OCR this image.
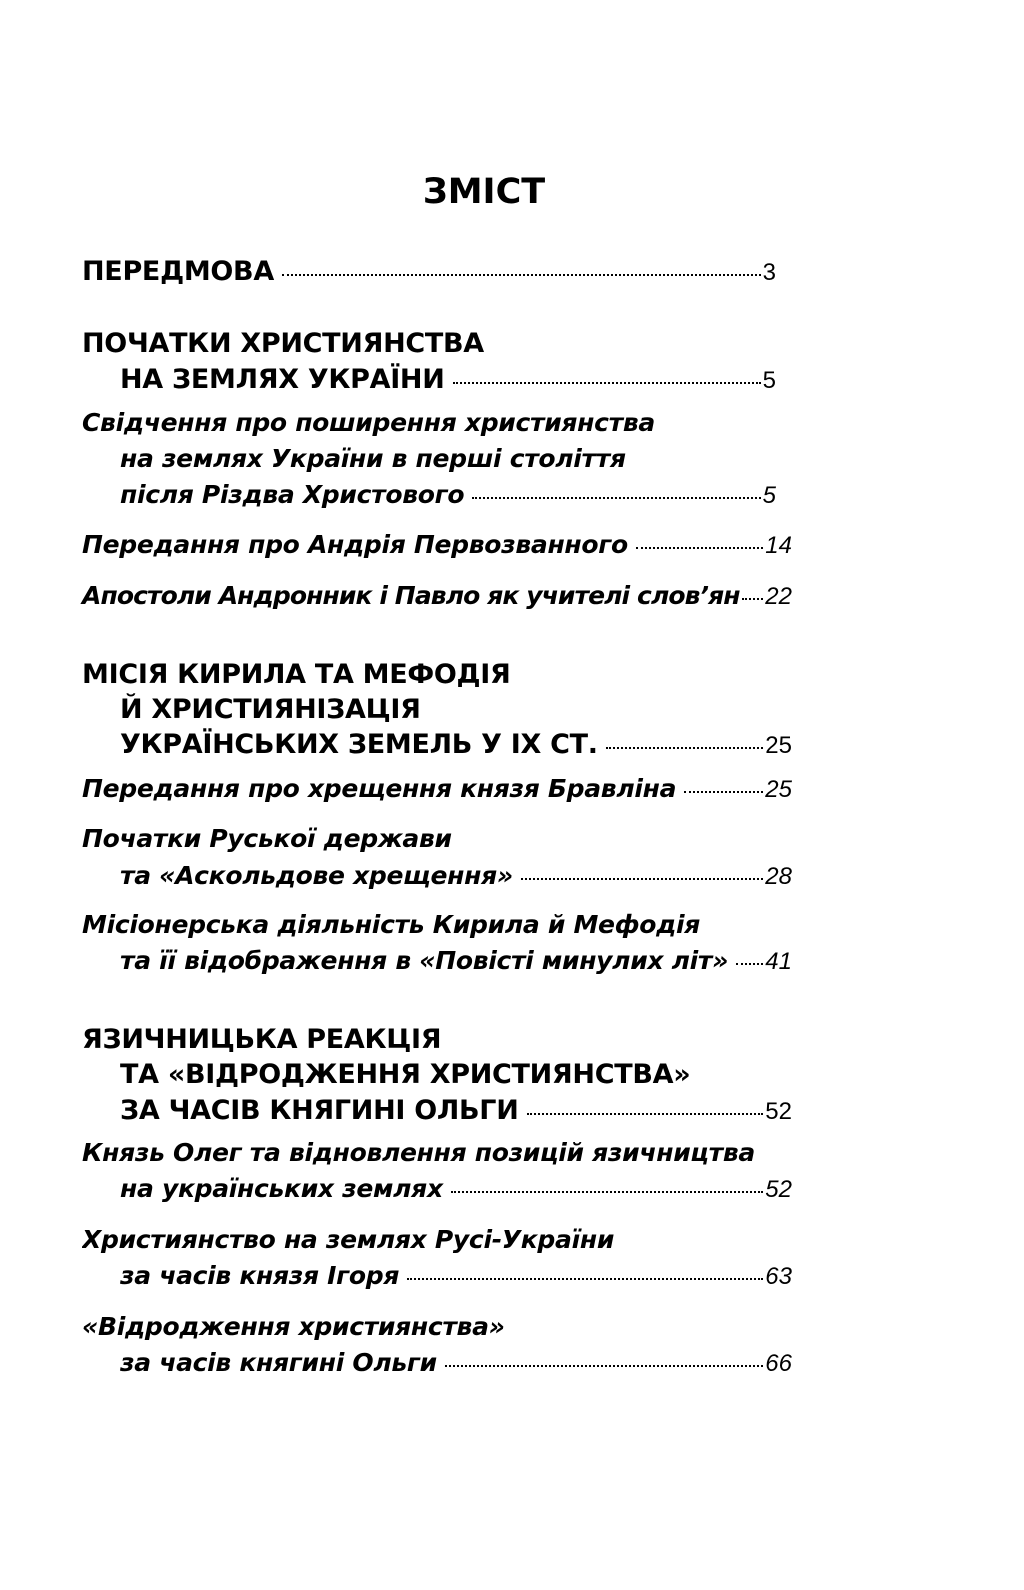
ЗМІСТ
ПЕРЕДМОВА	3
ПОЧАТКИ ХРИСТИЯНСТВА
НА ЗЕМЛЯХ УКРАЇНИ	5
Свідчення про поширення християнства
на землях України в перші століття
після Різдва Христового	5
Передання про Андрія Первозванного	14
Апостоли Андронник і Павло як учителі слов’ян 22
МІСІЯ КИРИЛА ТА МЕФОДІЯ
Й ХРИСТИЯНІЗАЦІЯ
УКРАЇНСЬКИХ ЗЕМЕЛЬ У IX СТ.	25
Передання про хрещення князя Бравліна	25
Початки Руської держави
та «Аскольдове хрещення»	28
Місіонерська діяльність Кирила й Мефодія
та її відображення в «Повісті минулих літ» 41
ЯЗИЧНИЦЬКА РЕАКЦІЯ
ТА «ВІДРОДЖЕННЯ ХРИСТИЯНСТВА»
ЗА ЧАСІВ КНЯГИНІ ОЛЬГИ	52
Князь Олег та відновлення позицій язичництва
на українських землях	52
Християнство на землях Русі-України
за часів князя Ігоря	63
«Відродження християнства»
за часів княгині Ольги	66
